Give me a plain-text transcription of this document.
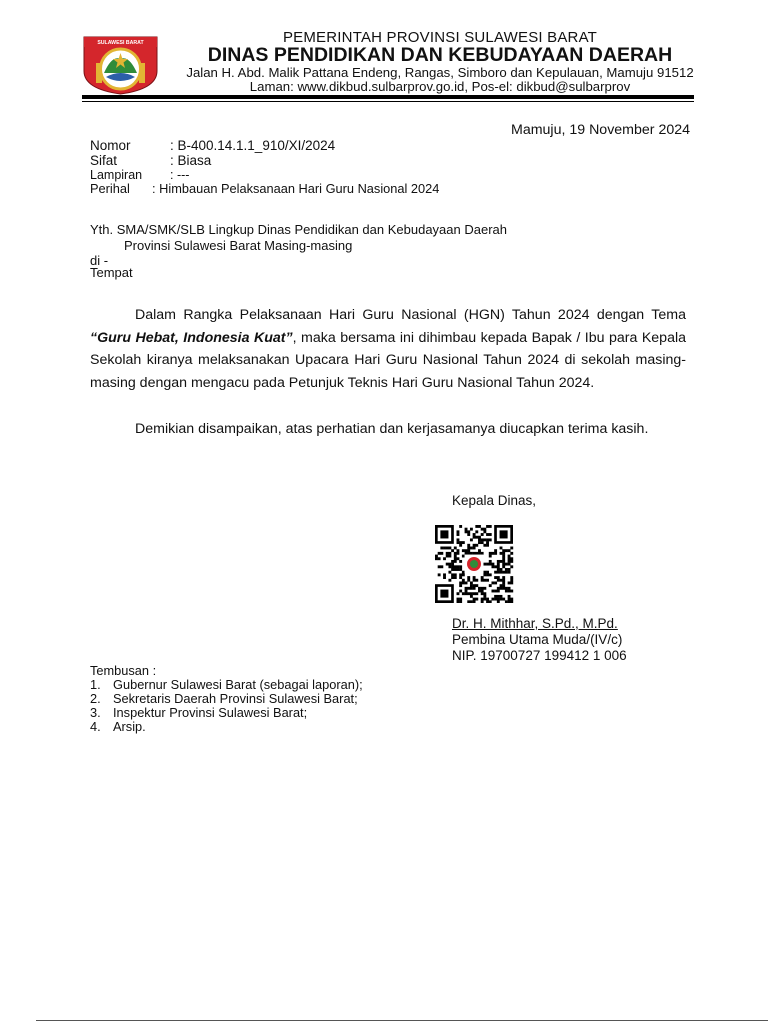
SULAWESI BARAT	PEMERINTAH PROVINSI SULAWESI BARAT
DINAS PENDIDIKAN DAN KEBUDAYAAN DAERAH
Jalan H. Abd. Malik Pattana Endeng, Rangas, Simboro dan Kepulauan, Mamuju 91512
Laman: www.dikbud.sulbarprov.go.id, Pos-el: dikbud@sulbarprov
Mamuju, 19 November 2024
Nomor	: B-400.14.1.1_910/XI/2024
Sifat	: Biasa
Lampiran : ---
Perihal : Himbauan Pelaksanaan Hari Guru Nasional 2024
Yth. SMA/SMK/SLB Lingkup Dinas Pendidikan dan Kebudayaan Daerah
Provinsi Sulawesi Barat Masing-masing
di -
Tempat

Dalam Rangka Pelaksanaan Hari Guru Nasional (HGN) Tahun 2024 dengan Tema “Guru Hebat, Indonesia Kuat”, maka bersama ini dihimbau kepada Bapak / Ibu para Kepala Sekolah kiranya melaksanakan Upacara Hari Guru Nasional Tahun 2024 di sekolah masing-masing dengan mengacu pada Petunjuk Teknis Hari Guru Nasional Tahun 2024.

Demikian disampaikan, atas perhatian dan kerjasamanya diucapkan terima kasih.
Kepala Dinas,
Dr. H. Mithhar, S.Pd., M.Pd.
Pembina Utama Muda/(IV/c)
NIP. 19700727 199412 1 006
Tembusan :
1. Gubernur Sulawesi Barat (sebagai laporan);
2. Sekretaris Daerah Provinsi Sulawesi Barat;
3. Inspektur Provinsi Sulawesi Barat;
4. Arsip.
